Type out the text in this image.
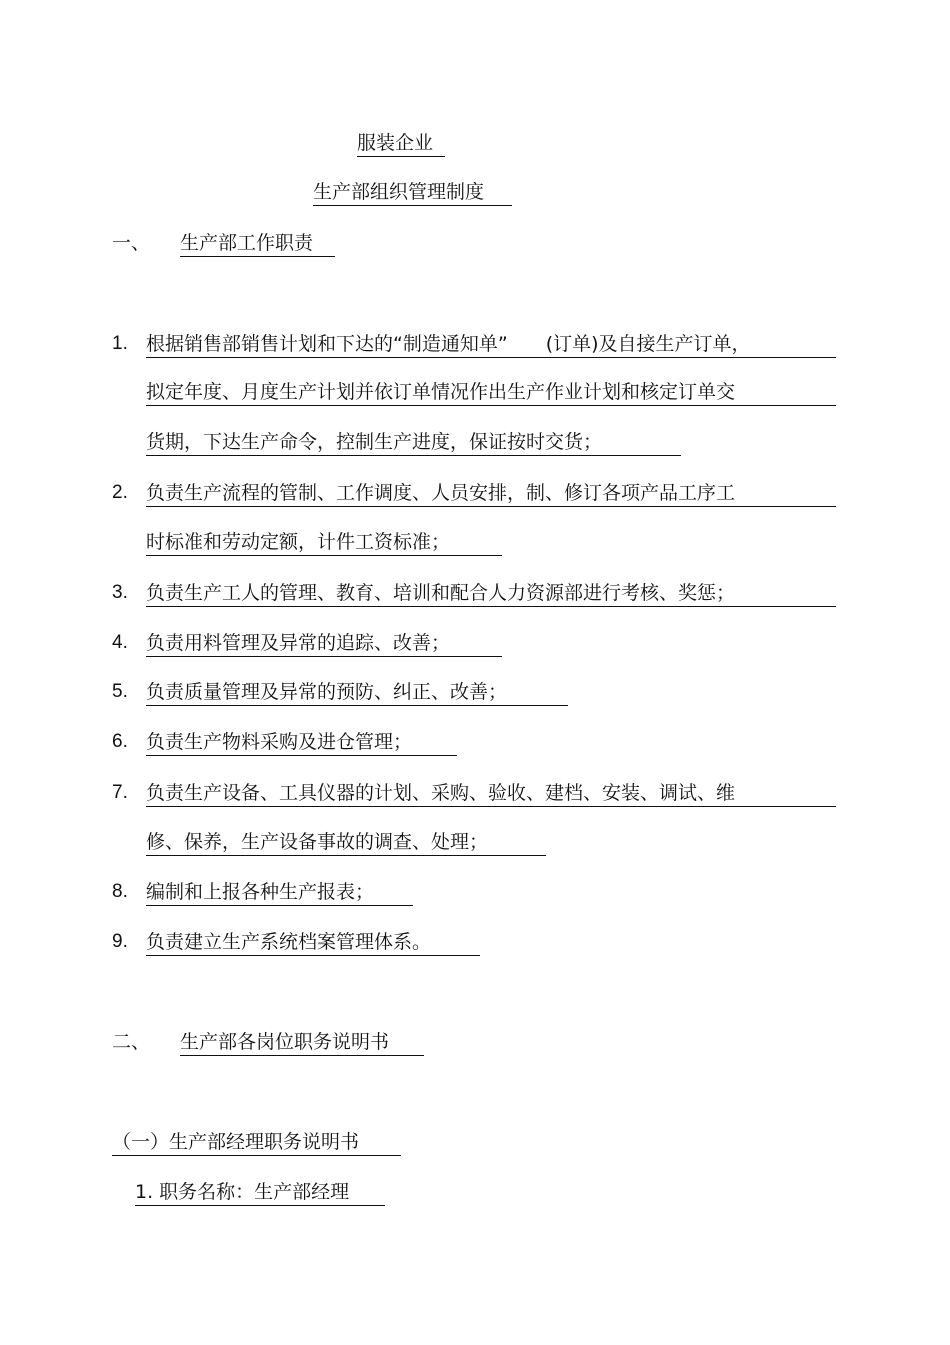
服装企业
生产部组织管理制度
一、 生产部工作职责
1. 根据销售部销售计划和下达的“制造通知单”　　(订单)及自接生产订单，
拟定年度、月度生产计划并依订单情况作出生产作业计划和核定订单交
货期，下达生产命令，控制生产进度，保证按时交货；
2. 负责生产流程的管制、工作调度、人员安排，制、修订各项产品工序工
时标准和劳动定额，计件工资标准；
3. 负责生产工人的管理、教育、培训和配合人力资源部进行考核、奖惩；
4. 负责用料管理及异常的追踪、改善；
5. 负责质量管理及异常的预防、纠正、改善；
6. 负责生产物料采购及进仓管理；
7. 负责生产设备、工具仪器的计划、采购、验收、建档、安装、调试、维
修、保养，生产设备事故的调查、处理；
8. 编制和上报各种生产报表；
9. 负责建立生产系统档案管理体系。
二、 生产部各岗位职务说明书
（一）生产部经理职务说明书
1. 职务名称：生产部经理
